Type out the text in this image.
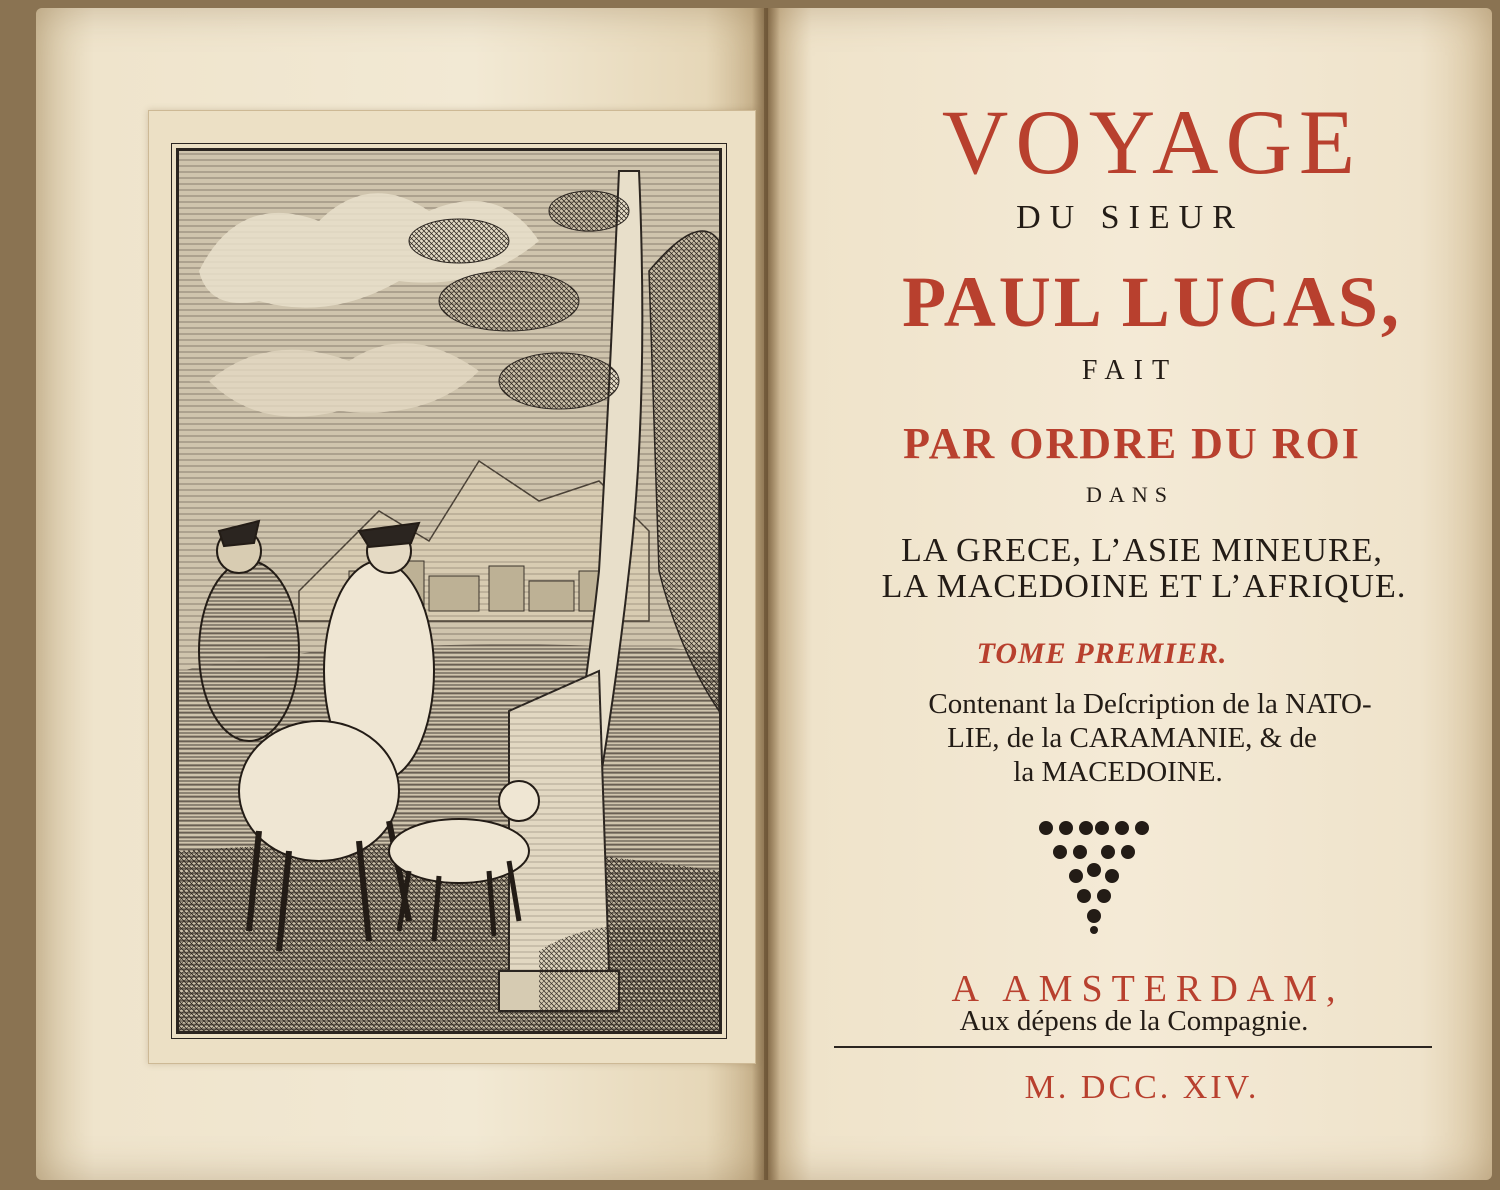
VOYAGE

DU SIEUR

PAUL LUCAS,

FAIT

PAR ORDRE DU ROI

DANS

LA GRECE, L’ASIE MINEURE,

LA MACEDOINE ET L’AFRIQUE.

TOME PREMIER.

Contenant la Deſcription de la NATO-

LIE, de la CARAMANIE, & de

la MACEDOINE.

A AMSTERDAM,

Aux dépens de la Compagnie.

M. DCC. XIV.
